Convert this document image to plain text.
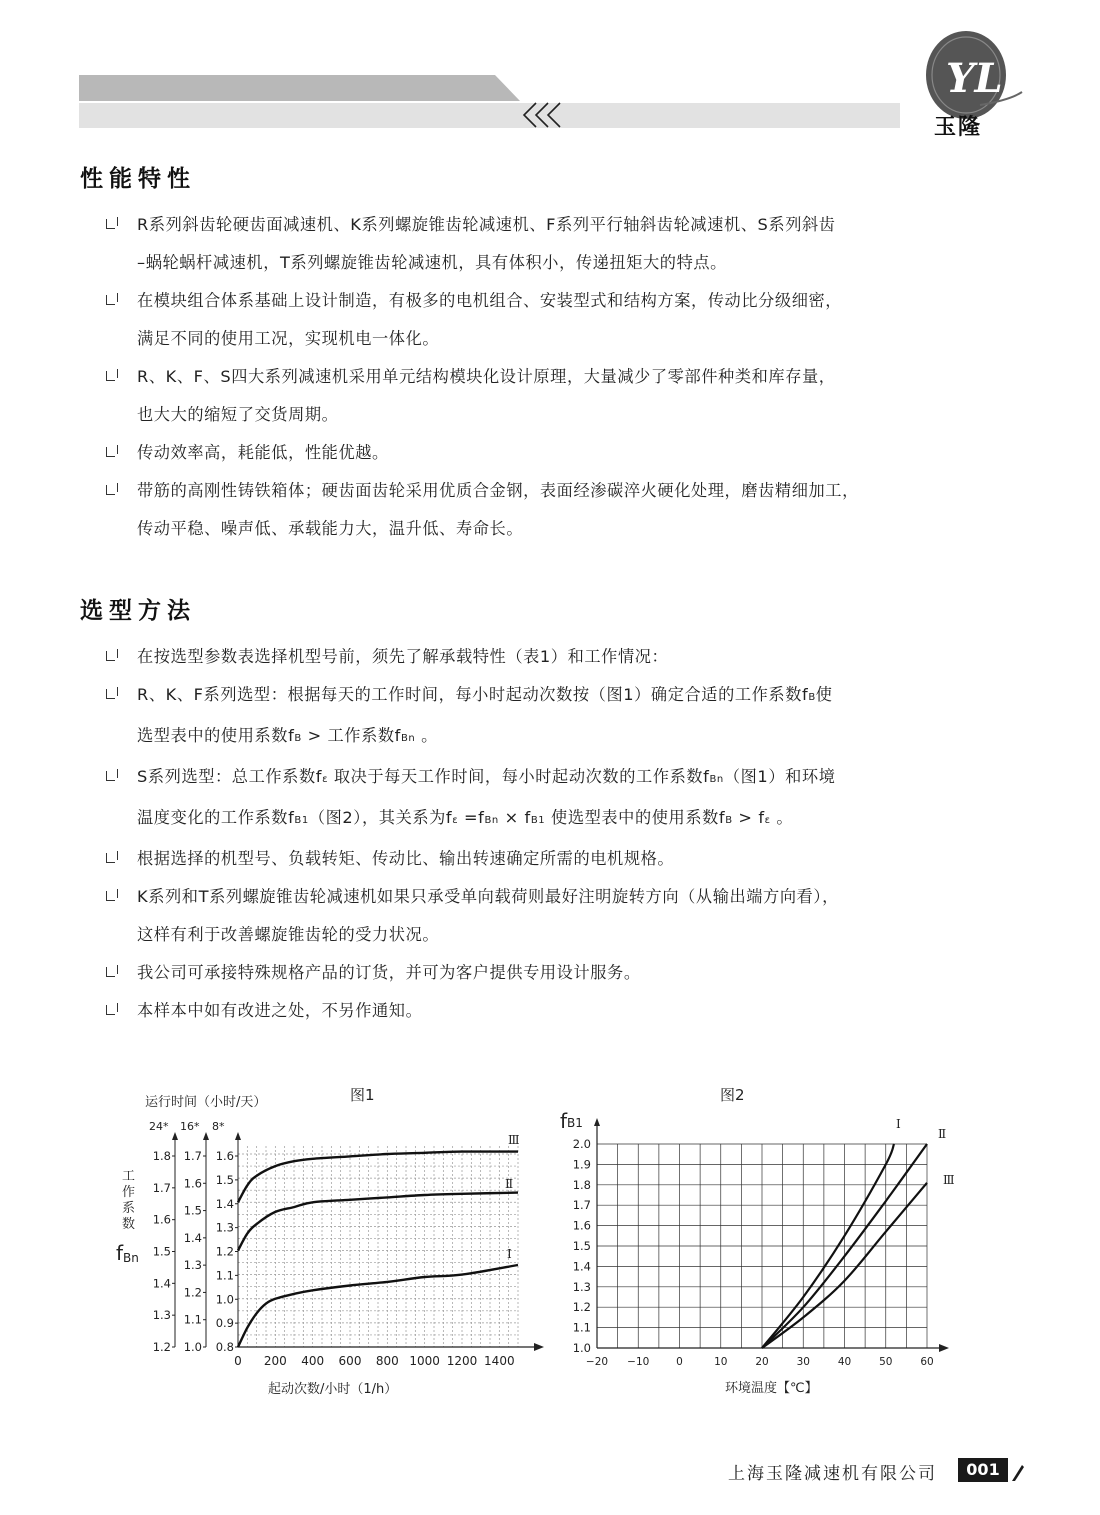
YL
玉隆
性能特性
R系列斜齿轮硬齿面减速机、K系列螺旋锥齿轮减速机、F系列平行轴斜齿轮减速机、S系列斜齿
–蜗轮蜗杆减速机，T系列螺旋锥齿轮减速机，具有体积小，传递扭矩大的特点。
在模块组合体系基础上设计制造，有极多的电机组合、安装型式和结构方案，传动比分级细密，
满足不同的使用工况，实现机电一体化。
R、K、F、S四大系列减速机采用单元结构模块化设计原理，大量减少了零部件种类和库存量，
也大大的缩短了交货周期。
传动效率高，耗能低，性能优越。
带筋的高刚性铸铁箱体；硬齿面齿轮采用优质合金钢，表面经渗碳淬火硬化处理，磨齿精细加工，
传动平稳、噪声低、承载能力大，温升低、寿命长。
选型方法
在按选型参数表选择机型号前，须先了解承载特性（表1）和工作情况：
R、K、F系列选型：根据每天的工作时间，每小时起动次数按（图1）确定合适的工作系数fB使
选型表中的使用系数fB > 工作系数fBn 。
S系列选型：总工作系数fε 取决于每天工作时间，每小时起动次数的工作系数fBn（图1）和环境
温度变化的工作系数fB1（图2），其关系为fε =fBn × fB1 使选型表中的使用系数fB > fε 。
根据选择的机型号、负载转矩、传动比、输出转速确定所需的电机规格。
K系列和T系列螺旋锥齿轮减速机如果只承受单向载荷则最好注明旋转方向（从输出端方向看），
这样有利于改善螺旋锥齿轮的受力状况。
我公司可承接特殊规格产品的订货，并可为客户提供专用设计服务。
本样本中如有改进之处，不另作通知。
图1
运行时间（小时/天）
工
作
系
数
fBn
24*
1.8
1.7
1.6
1.5
1.4
1.3
1.2
16*
1.7
1.6
1.5
1.4
1.3
1.2
1.1
1.0
8*
1.6
1.5
1.4
1.3
1.2
1.1
1.0
0.9
0.8
0 200 400 600 800 1000 1200 1400
起动次数/小时（1/h）
Ⅲ
Ⅱ
Ⅰ
图2
fB1
2.0
1.9
1.8
1.7
1.6
1.5
1.4
1.3
1.2
1.1
1.0
−20 −10	0	10	20	30	40	50	60
环境温度【℃】
Ⅰ
Ⅱ
Ⅲ
上海玉隆减速机有限公司	001
